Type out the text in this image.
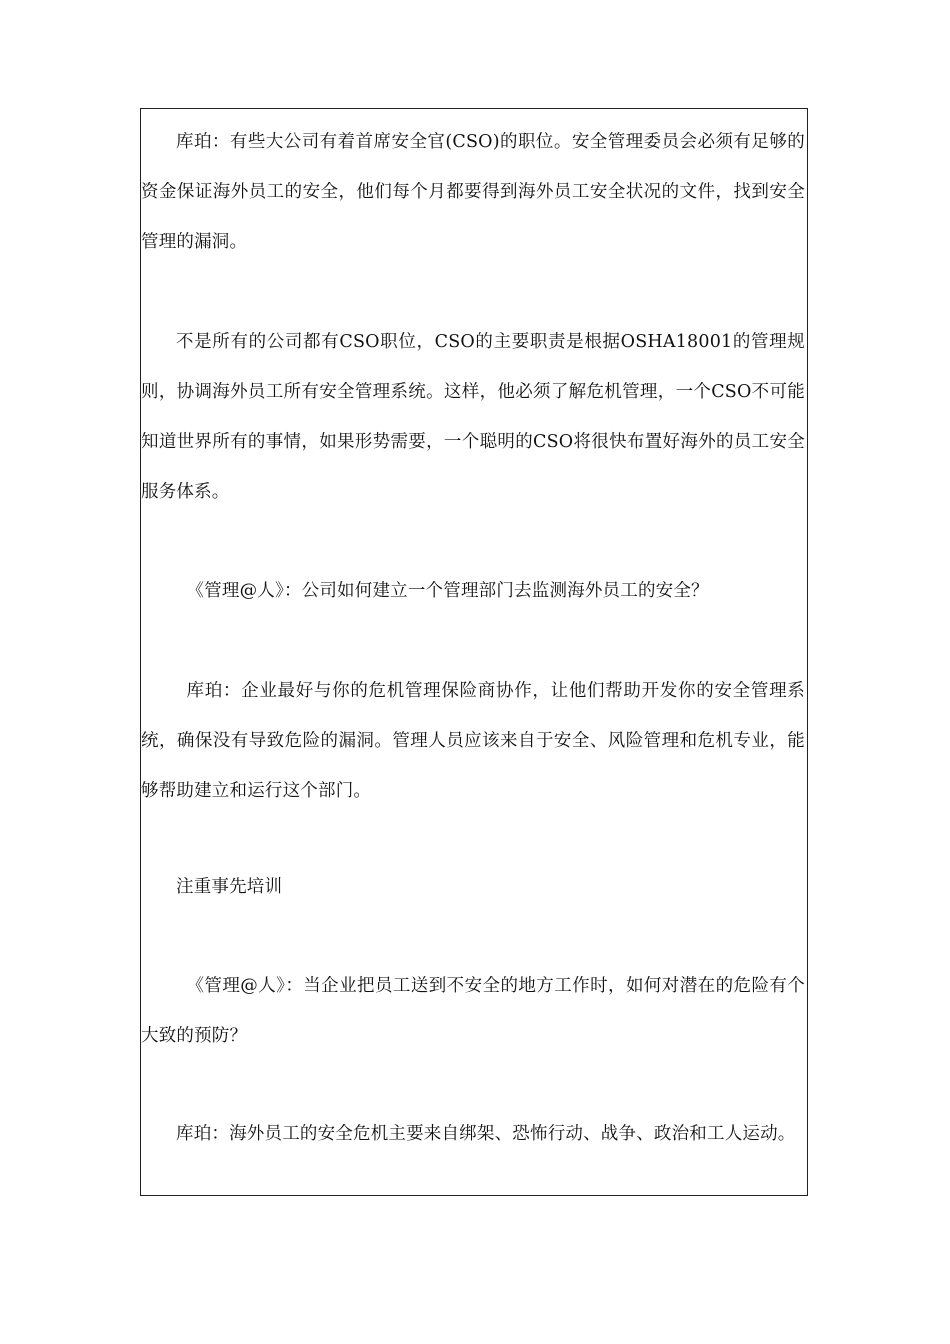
库珀：有些大公司有着首席安全官(CSO)的职位。安全管理委员会必须有足够的资金保证海外员工的安全，他们每个月都要得到海外员工安全状况的文件，找到安全管理的漏洞。

不是所有的公司都有CSO职位，CSO的主要职责是根据OSHA18001的管理规则，协调海外员工所有安全管理系统。这样，他必须了解危机管理，一个CSO不可能知道世界所有的事情，如果形势需要，一个聪明的CSO将很快布置好海外的员工安全服务体系。

《管理@人》：公司如何建立一个管理部门去监测海外员工的安全？

库珀：企业最好与你的危机管理保险商协作，让他们帮助开发你的安全管理系统，确保没有导致危险的漏洞。管理人员应该来自于安全、风险管理和危机专业，能够帮助建立和运行这个部门。

注重事先培训

《管理@人》：当企业把员工送到不安全的地方工作时，如何对潜在的危险有个大致的预防？

库珀：海外员工的安全危机主要来自绑架、恐怖行动、战争、政治和工人运动。
